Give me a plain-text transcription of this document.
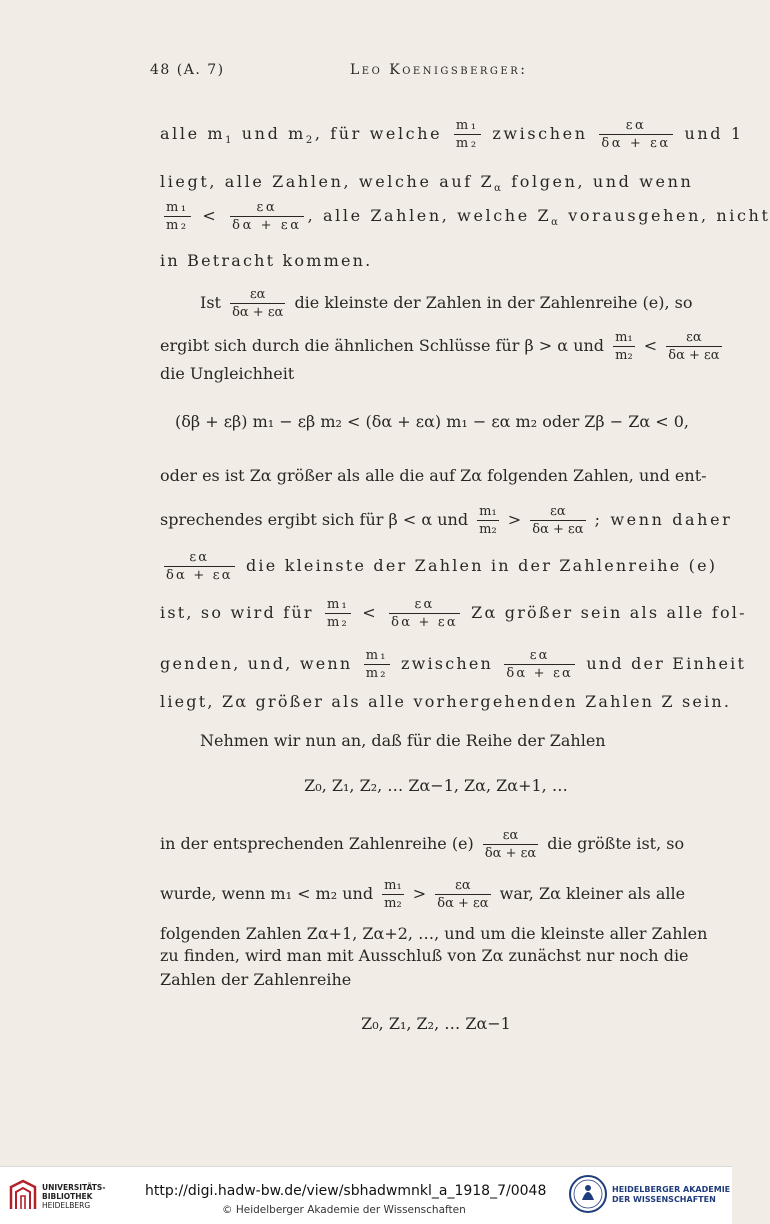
48 (A. 7)	Leo Koenigsberger:
alle $m_1$ und $m_2$, für welche $\frac{\text{m₁}}{\text{m₂}}$ zwischen $\frac{\varepsilon\alpha}{\delta\alpha + \varepsilon\alpha}$ und 1
liegt, alle Zahlen, welche auf $Z_\alpha$ folgen, und wenn
$\frac{\text{m₁}}{\text{m₂}} < \frac{\varepsilon\alpha}{\delta\alpha + \varepsilon\alpha}$ , alle Zahlen, welche $Z_\alpha$ vorausgehen, nicht
in Betracht kommen.
Ist $\frac{\varepsilon\alpha}{\delta\alpha + \varepsilon\alpha}$ die kleinste der Zahlen in der Zahlenreihe (e), so
ergibt sich durch die ähnlichen Schlüsse für β > α und $\frac{\text{m₁}}{\text{m₂}} < \frac{\varepsilon\alpha}{\delta\alpha + \varepsilon\alpha}$
die Ungleichheit
(δβ + εβ) m₁ − εβ m₂ < (δα + εα) m₁ − εα m₂ oder Zβ − Zα < 0,
oder es ist Zα größer als alle die auf Zα folgenden Zahlen, und ent-
sprechendes ergibt sich für β < α und $\frac{\text{m₁}}{\text{m₂}} > \frac{\varepsilon\alpha}{\delta\alpha + \varepsilon\alpha}$ ; wenn daher
$\frac{\varepsilon\alpha}{\delta\alpha + \varepsilon\alpha}$ die kleinste der Zahlen in der Zahlenreihe (e)
ist, so wird für $\frac{\text{m₁}}{\text{m₂}} < \frac{\varepsilon\alpha}{\delta\alpha + \varepsilon\alpha}$ Zα größer sein als alle fol-
genden, und, wenn $\frac{\text{m₁}}{\text{m₂}}$ zwischen $\frac{\varepsilon\alpha}{\delta\alpha + \varepsilon\alpha}$ und der Einheit
liegt, Zα größer als alle vorhergehenden Zahlen Z sein.
Nehmen wir nun an, daß für die Reihe der Zahlen
Z₀, Z₁, Z₂, … Zα−1, Zα, Zα+1, …
in der entsprechenden Zahlenreihe $(e) \frac{\varepsilon\alpha}{\delta\alpha + \varepsilon\alpha}$ die größte ist, so
wurde, wenn m₁ < m₂ und $\frac{\text{m₁}}{\text{m₂}} > \frac{\varepsilon\alpha}{\delta\alpha + \varepsilon\alpha}$ war, Zα kleiner als alle
folgenden Zahlen Zα+1, Zα+2, …, und um die kleinste aller Zahlen
zu finden, wird man mit Ausschluß von Zα zunächst nur noch die
Zahlen der Zahlenreihe
Z₀, Z₁, Z₂, … Zα−1
UNIVERSITÄTS-
BIBLIOTHEK
HEIDELBERG
http://digi.hadw-bw.de/view/sbhadwmnkl_a_1918_7/0048
© Heidelberger Akademie der Wissenschaften
HEIDELBERGER AKADEMIE
DER WISSENSCHAFTEN
